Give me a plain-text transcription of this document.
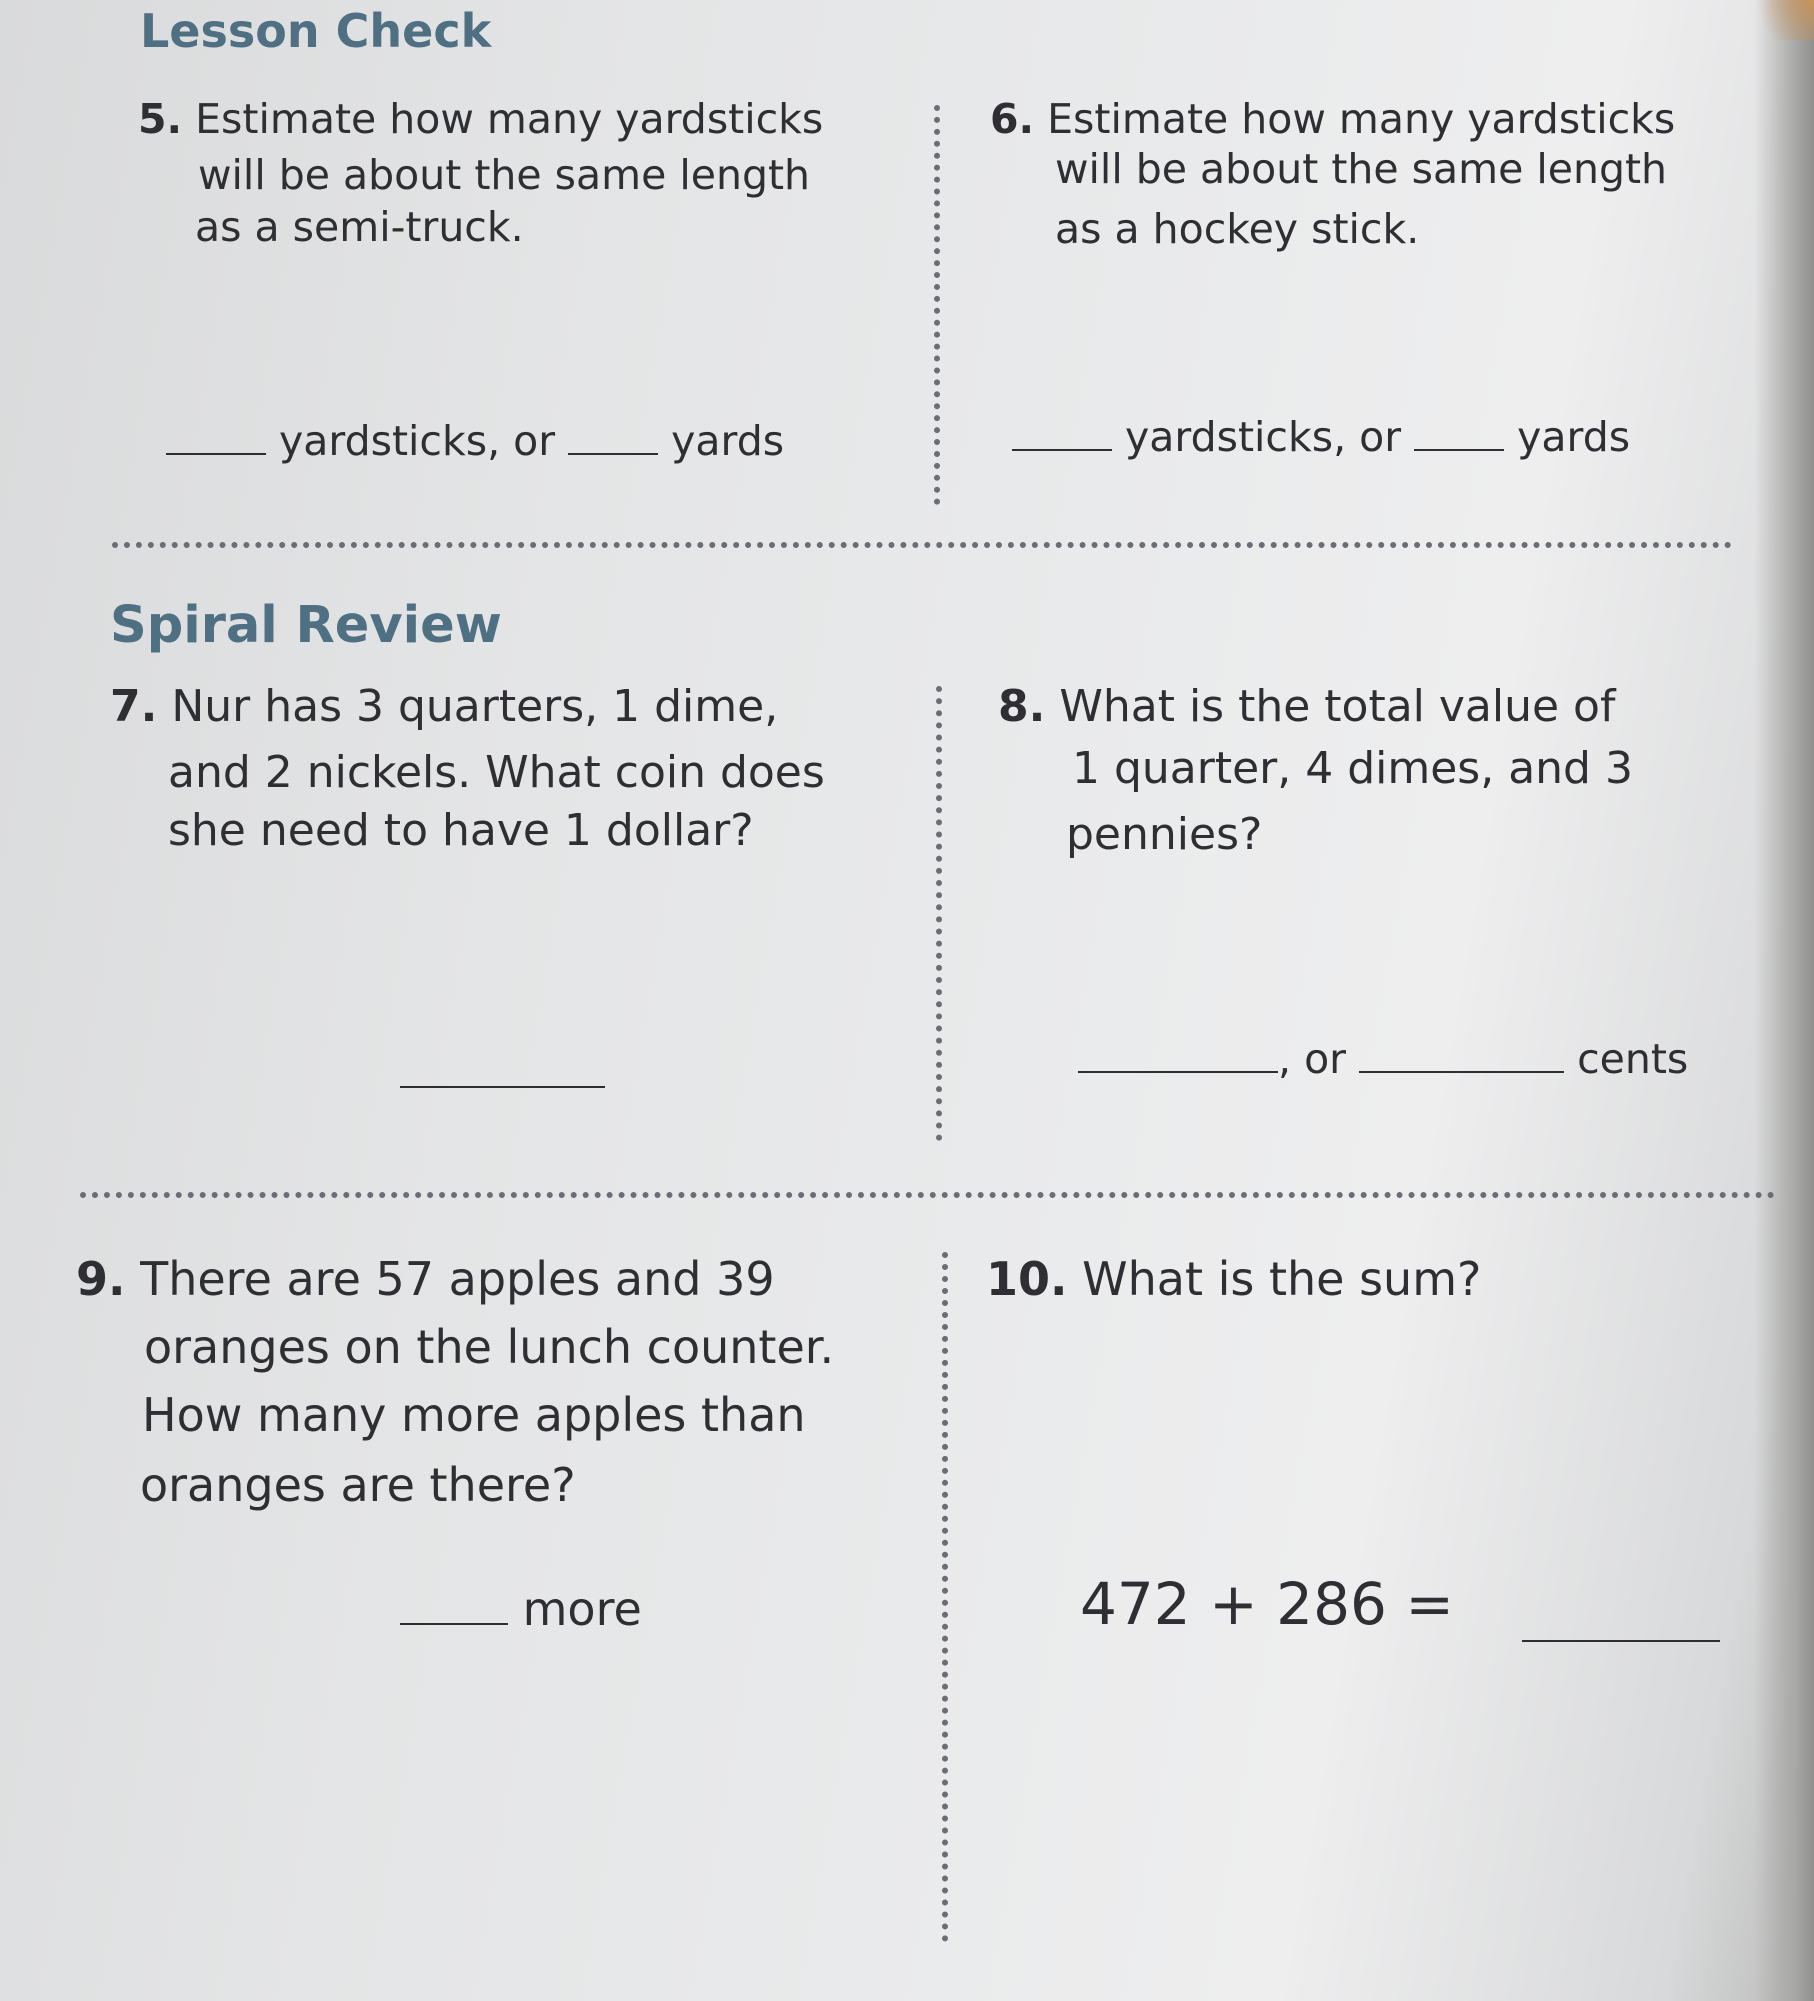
Lesson Check
5. Estimate how many yardsticks
will be about the same length
as a semi-truck.
yardsticks, or	yards
6. Estimate how many yardsticks
will be about the same length
as a hockey stick.
yardsticks, or	yards
Spiral Review
7. Nur has 3 quarters, 1 dime,
and 2 nickels. What coin does
she need to have 1 dollar?
8. What is the total value of
1 quarter, 4 dimes, and 3
pennies?
, or	cents
9. There are 57 apples and 39
oranges on the lunch counter.
How many more apples than
oranges are there?
more
10. What is the sum?
472 + 286 =
